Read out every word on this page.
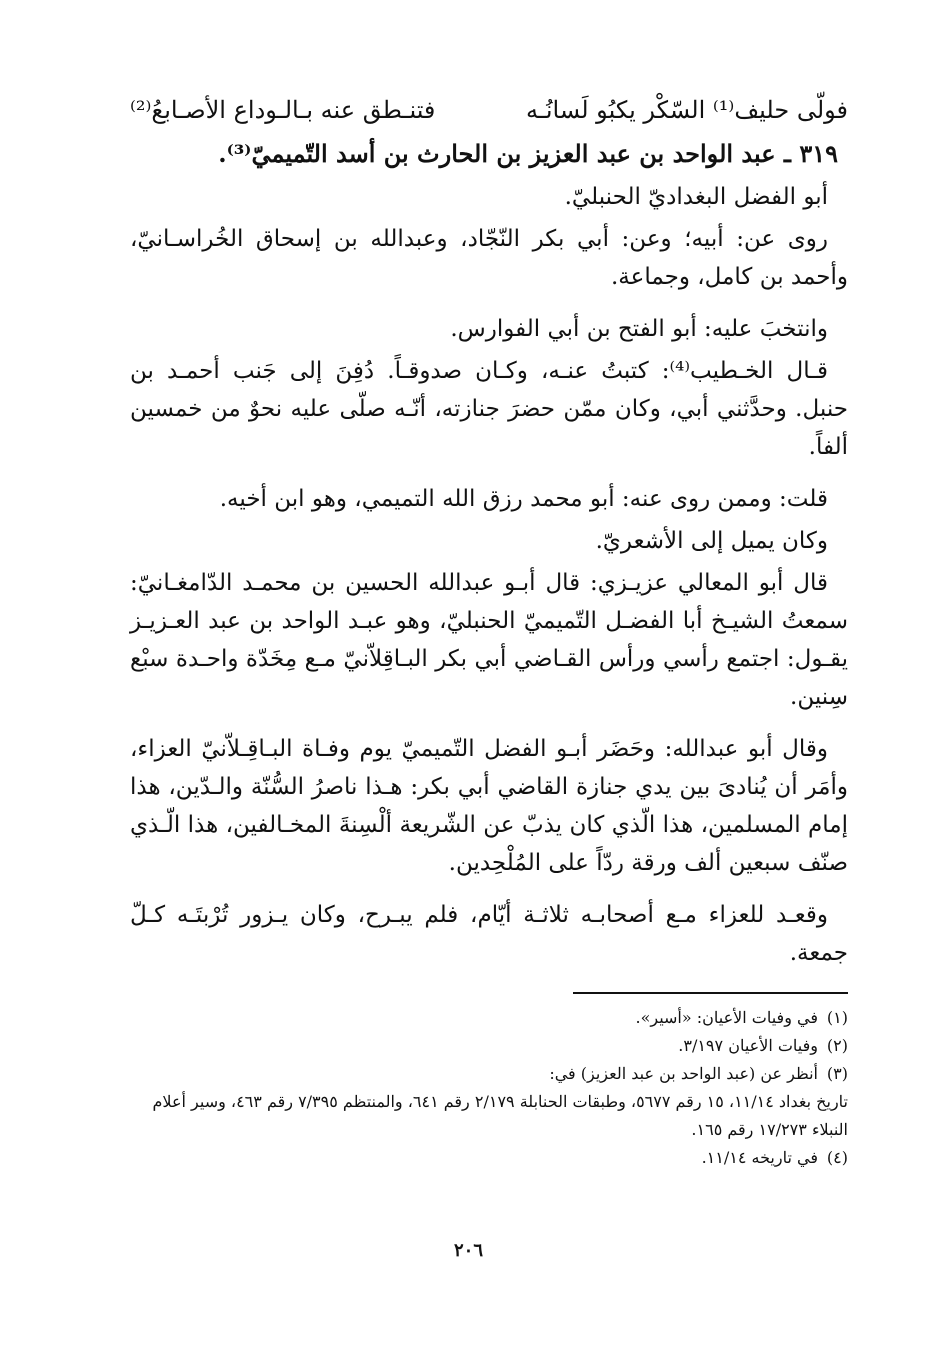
فولّى حليف⁽¹⁾ السّكْر يكبُو لَسانُـه
فتنـطق عنه بـالـوداع الأصـابعُ⁽²⁾
٣١٩ ـ عبد الواحد بن عبد العزيز بن الحارث بن أسد التّميميّ⁽³⁾.

أبو الفضل البغداديّ الحنبليّ.

روى عن: أبيه؛ وعن: أبي بكر النّجّاد، وعبدالله بن إسحاق الخُراسـانيّ، وأحمد بن كامل، وجماعة.

وانتخبَ عليه: أبو الفتح بن أبي الفوارس.

قـال الخـطيب⁽⁴⁾: كتبتُ عنـه، وكـان صدوقـاً. دُفِنَ إلى جَنب أحمـد بن حنبل. وحدَّثني أبي، وكان ممّن حضرَ جنازته، أنّـه صلّى عليه نحوٌ من خمسين ألفاً.

قلت: وممن روى عنه: أبو محمد رزق الله التميمي، وهو ابن أخيه.

وكان يميل إلى الأشعريّ.

قال أبو المعالي عزيـزي: قال أبـو عبدالله الحسين بن محمـد الدّامغـانيّ: سمعتُ الشيـخ أبا الفضـل التّميميّ الحنبليّ، وهو عبـد الواحد بن عبد العـزيـز يقـول: اجتمع رأسي ورأس القـاضي أبي بكر البـاقِلاّنيّ مـع مِخَدّة واحـدة سبْع سِنين.

وقال أبو عبدالله: وحَضَر أبـو الفضل التّميميّ يوم وفـاة البـاقِـلاّنيّ العزاء، وأمَر أن يُنادىَ بين يدي جنازة القاضي أبي بكر: هـذا ناصرُ السُّنّة والـدّين، هذا إمام المسلمين، هذا الّذي كان يذبّ عن الشّريعة ألْسِنةَ المخـالفين، هذا الّـذي صنّف سبعين ألف ورقة ردّاً على المُلْحِدين.

وقعـد للعزاء مـع أصحابـه ثلاثـة أيّام، فلم يبـرح، وكان يـزور تُرْبتَـه كـلّ جمعة.

(١)
في وفيات الأعيان: «أسير».
(٢)
وفيات الأعيان ٣/١٩٧.
(٣)
أنظر عن (عبد الواحد بن عبد العزيز) في:
تاريخ بغداد ١١/١٤، ١٥ رقم ٥٦٧٧، وطبقات الحنابلة ٢/١٧٩ رقم ٦٤١، والمنتظم ٧/٣٩٥ رقم ٤٦٣، وسير أعلام النبلاء ١٧/٢٧٣ رقم ١٦٥.
(٤)
في تاريخه ١١/١٤.
٢٠٦
